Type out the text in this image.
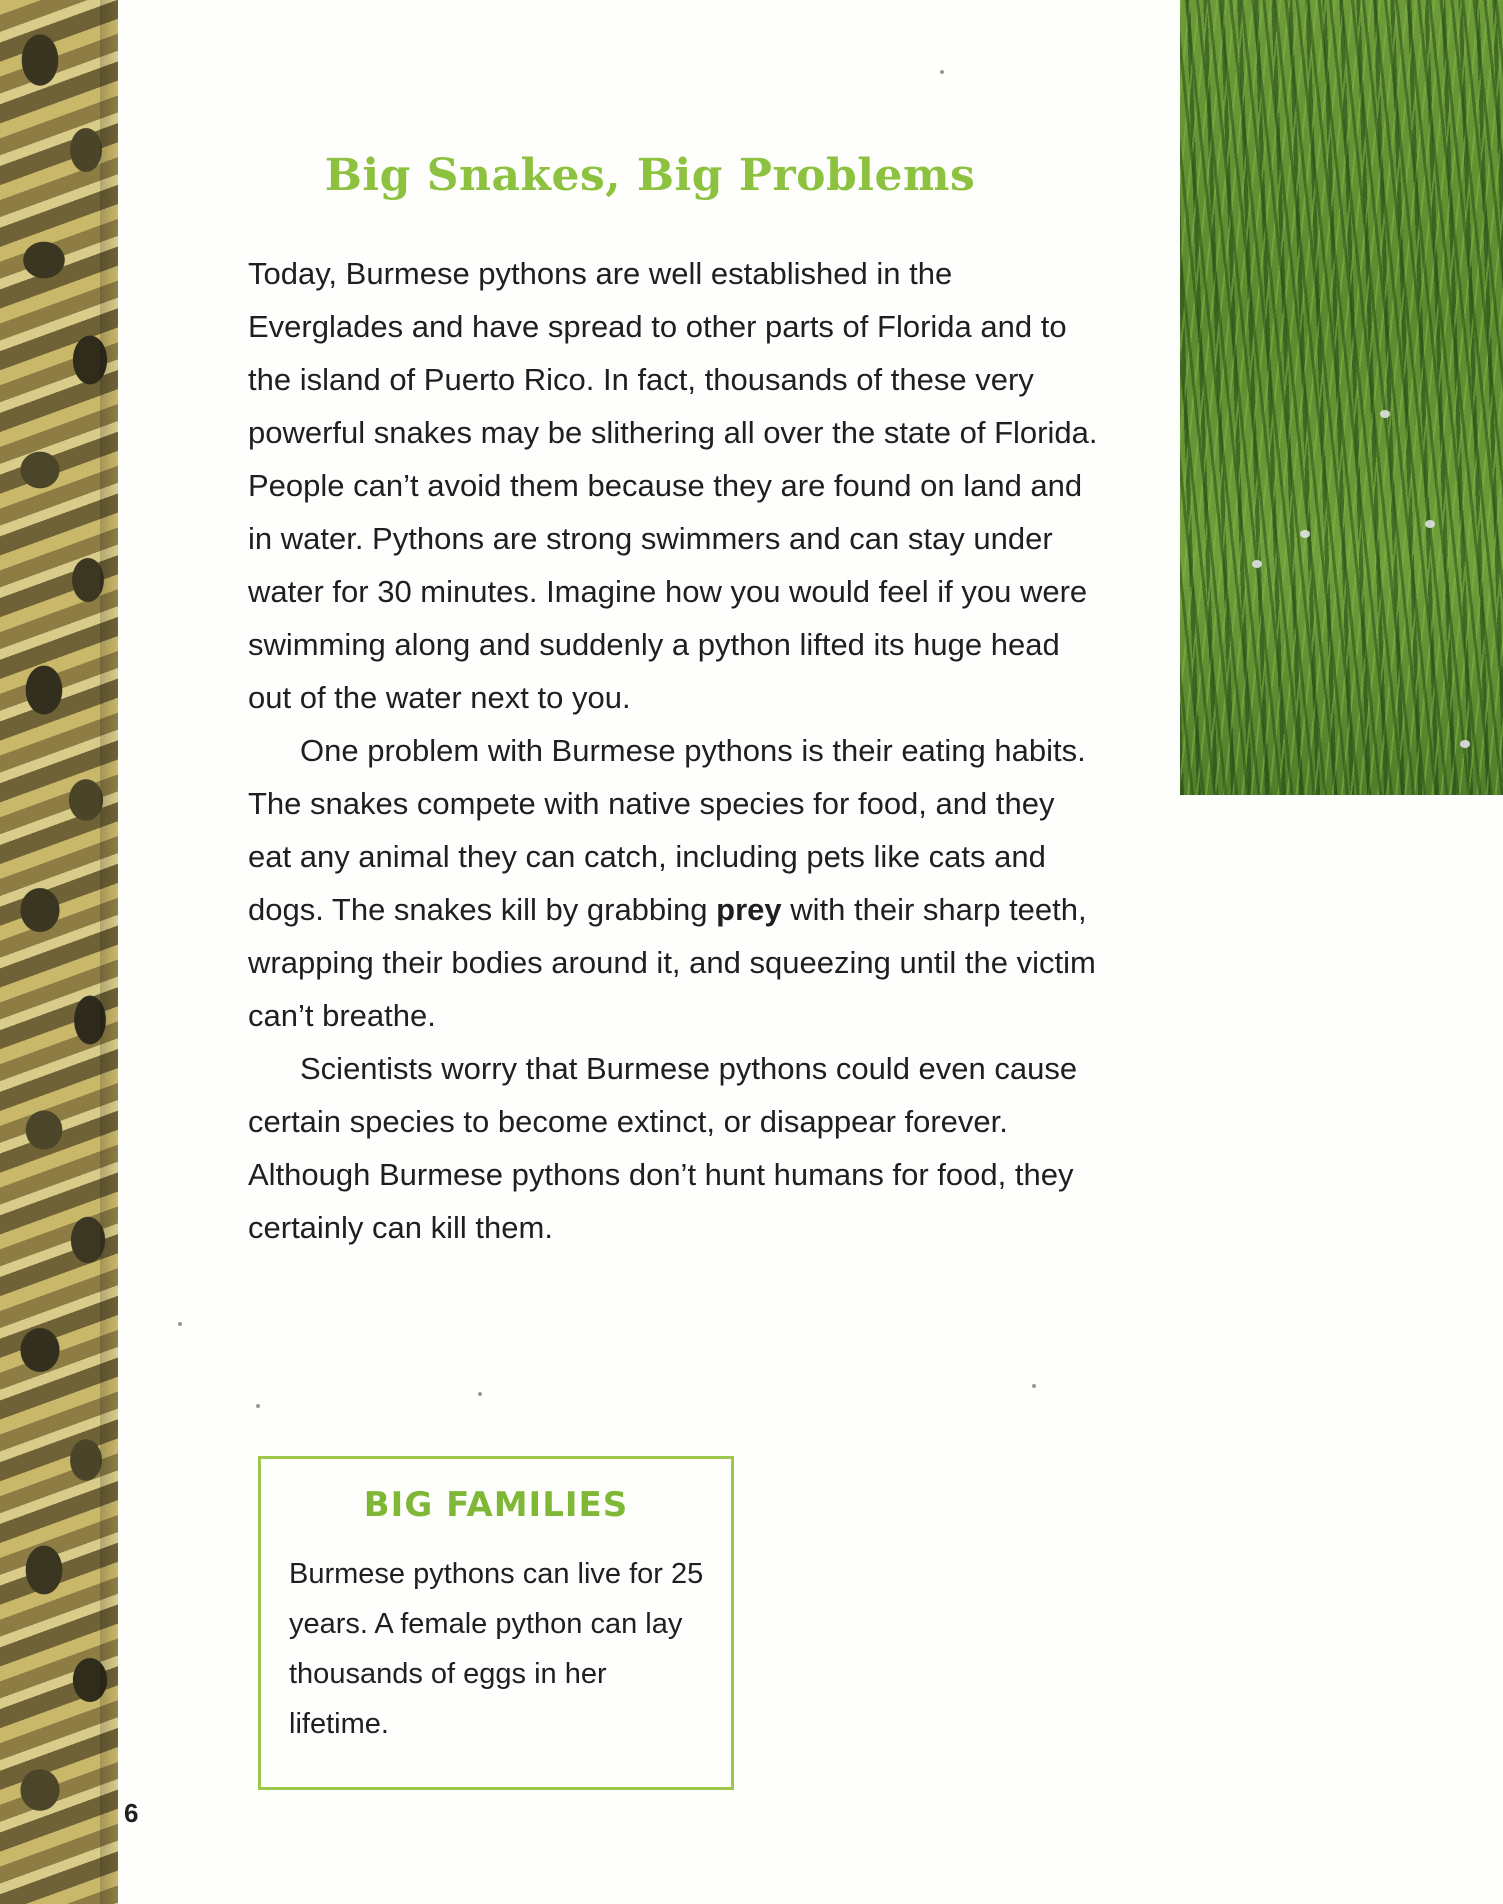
Big Snakes, Big Problems

Today, Burmese pythons are well established in the Everglades and have spread to other parts of Florida and to the island of Puerto Rico. In fact, thousands of these very powerful snakes may be slithering all over the state of Florida. People can’t avoid them because they are found on land and in water. Pythons are strong swimmers and can stay under water for 30 minutes. Imagine how you would feel if you were swimming along and suddenly a python lifted its huge head out of the water next to you.

One problem with Burmese pythons is their eating habits. The snakes compete with native species for food, and they eat any animal they can catch, including pets like cats and dogs. The snakes kill by grabbing prey with their sharp teeth, wrapping their bodies around it, and squeezing until the victim can’t breathe.

Scientists worry that Burmese pythons could even cause certain species to become extinct, or disappear forever. Although Burmese pythons don’t hunt humans for food, they certainly can kill them.

BIG FAMILIES
Burmese pythons can live for 25 years. A female python can lay thousands of eggs in her lifetime.
6
